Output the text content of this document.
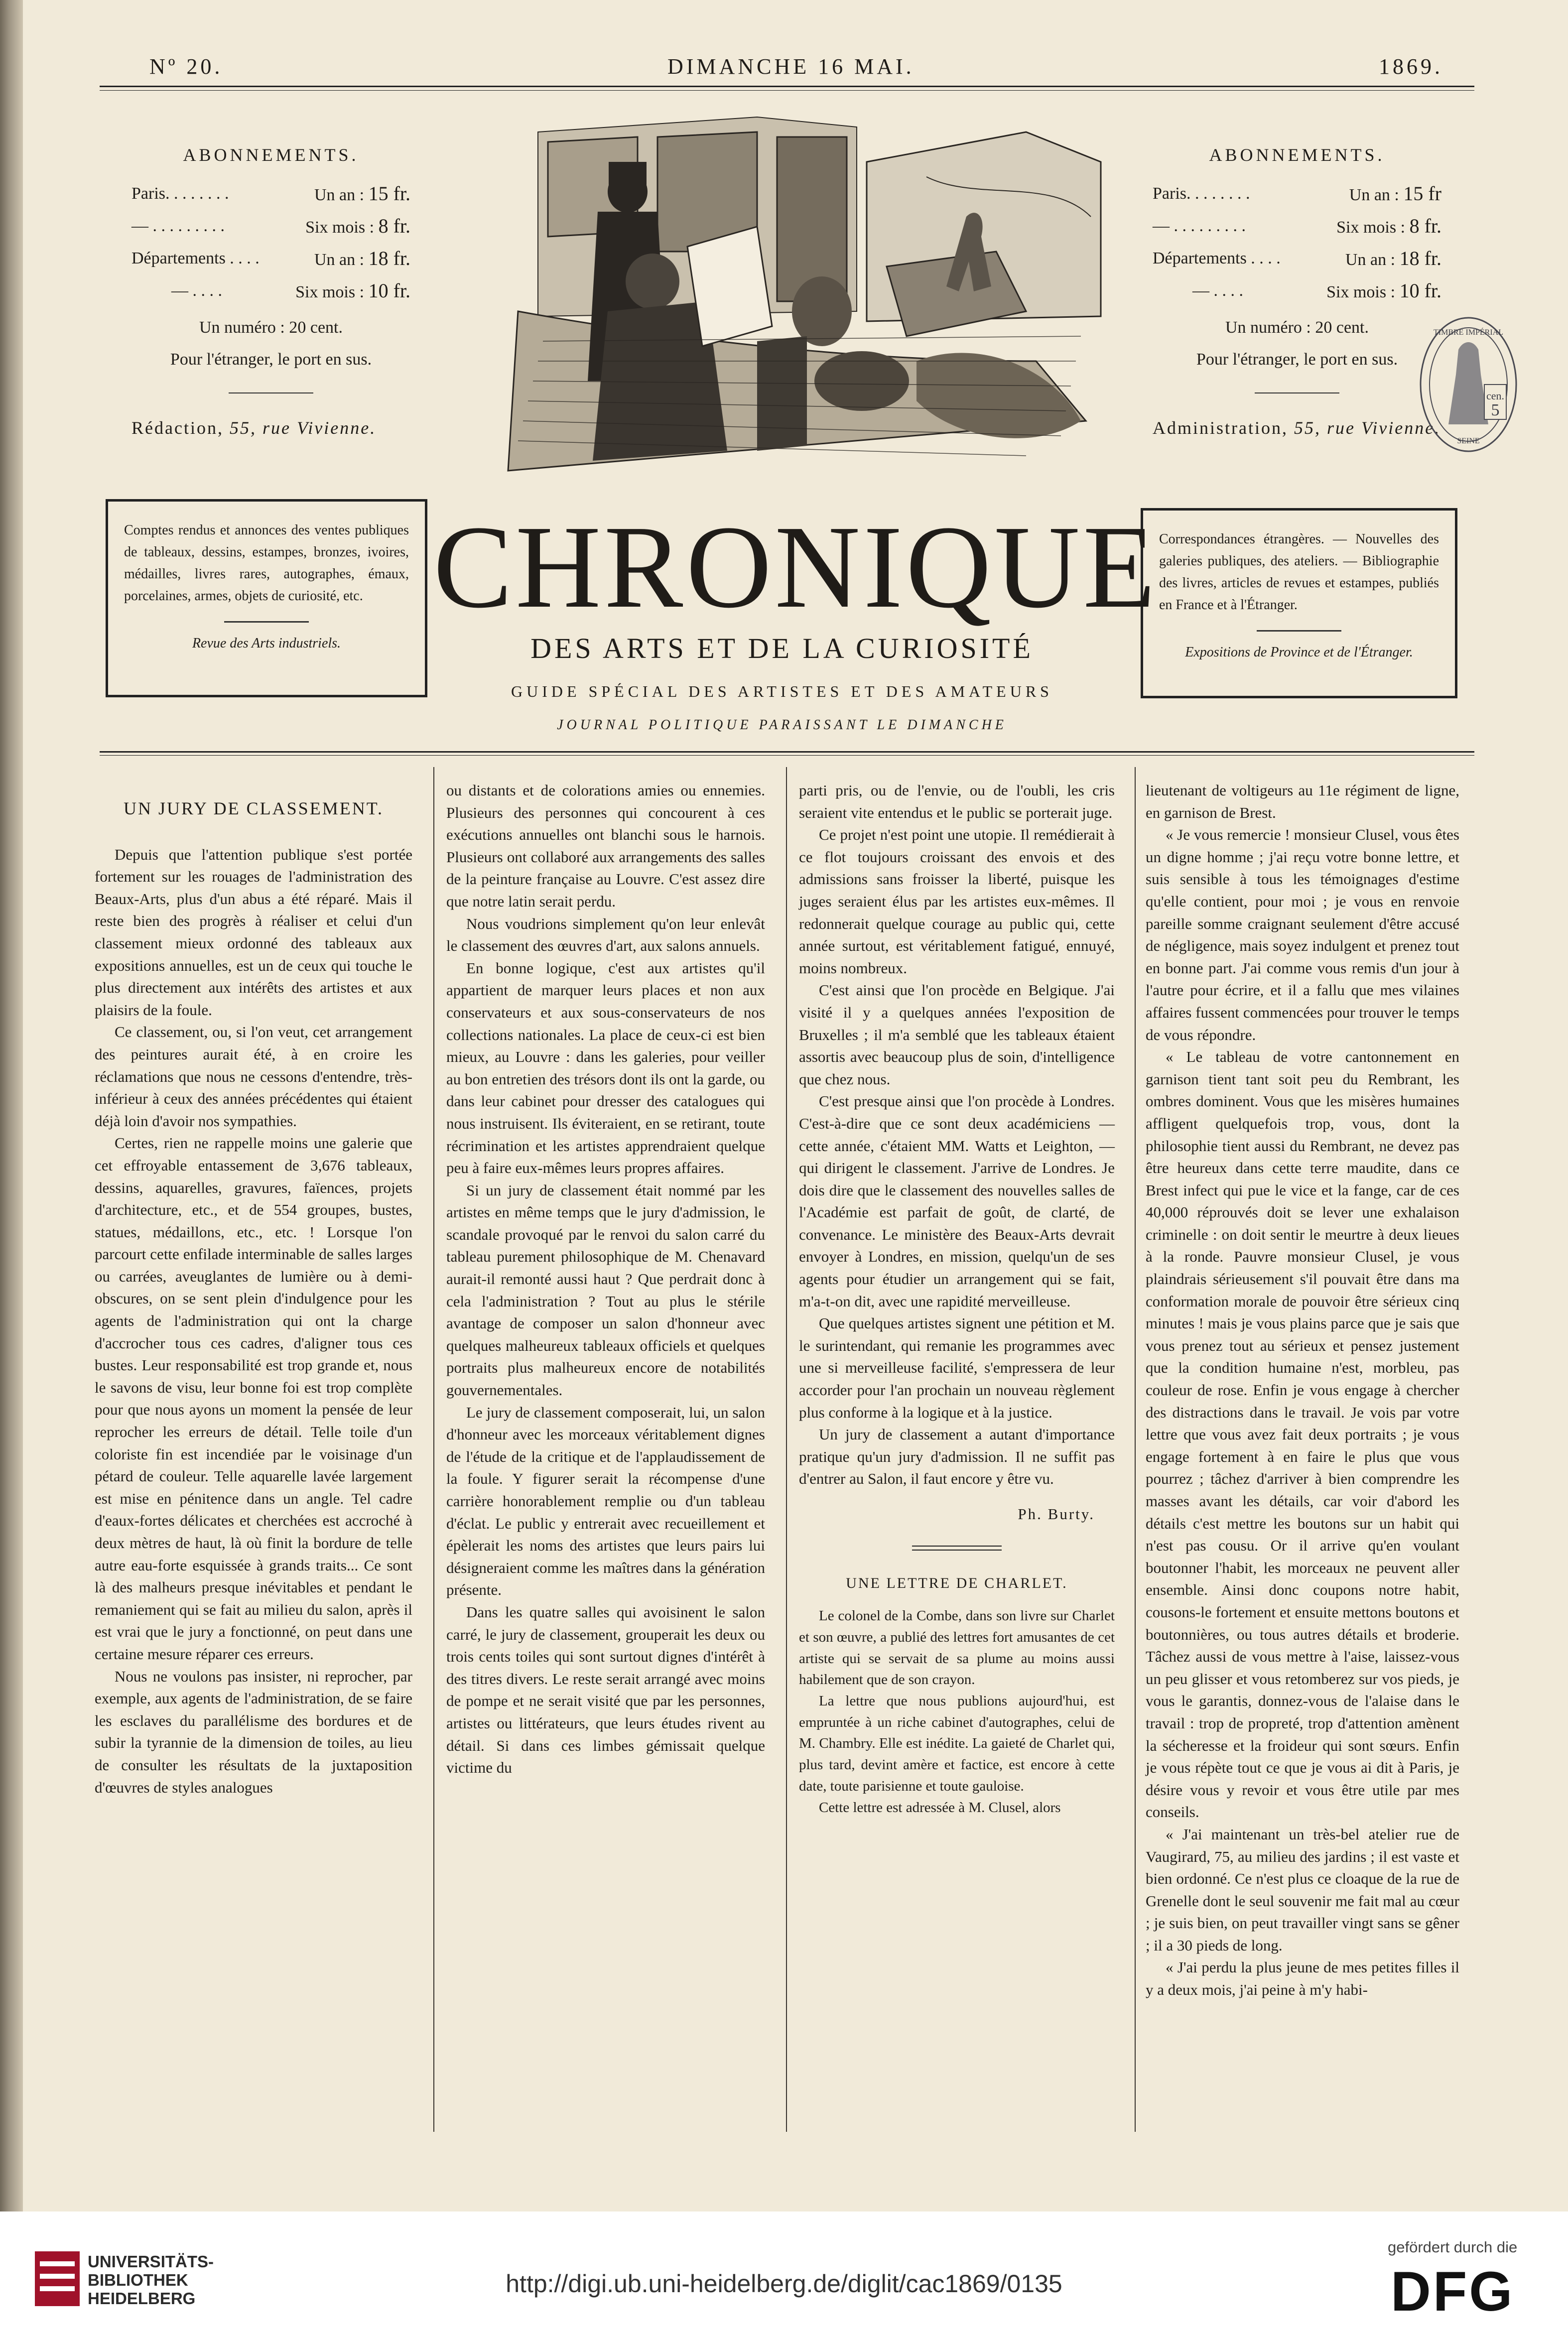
Nº 20.	DIMANCHE 16 MAI.	1869.
ABONNEMENTS.
Paris. . . . . . . .	Un an : 15 fr.
— . . . . . . . . .	Six mois : 8 fr.
Départements . . . .	Un an : 18 fr.
— . . . .	Six mois : 10 fr.
Un numéro : 20 cent.
Pour l'étranger, le port en sus.
Rédaction, 55, rue Vivienne.
ABONNEMENTS.
Paris. . . . . . . .	Un an : 15 fr
— . . . . . . . . .	Six mois : 8 fr.
Départements . . . .	Un an : 18 fr.
— . . . .	Six mois : 10 fr.
Un numéro : 20 cent.
Pour l'étranger, le port en sus.
Administration, 55, rue Vivienne.
Comptes rendus et annonces des ventes publiques de tableaux, dessins, estampes, bronzes, ivoires, médailles, livres rares, autographes, émaux, porcelaines, armes, objets de curiosité, etc.
Revue des Arts industriels.
Correspondances étrangères. — Nouvelles des galeries publiques, des ateliers. — Bibliographie des livres, articles de revues et estampes, publiés en France et à l'Étranger.
Expositions de Province et de l'Étranger.
CHRONIQUE
DES ARTS ET DE LA CURIOSITÉ
GUIDE SPÉCIAL DES ARTISTES ET DES AMATEURS
JOURNAL POLITIQUE PARAISSANT LE DIMANCHE
cen.
5
TIMBRE IMPÉRIAL
SEINE
UN JURY DE CLASSEMENT.

Depuis que l'attention publique s'est portée fortement sur les rouages de l'administration des Beaux-Arts, plus d'un abus a été réparé. Mais il reste bien des progrès à réaliser et celui d'un classement mieux ordonné des tableaux aux expositions annuelles, est un de ceux qui touche le plus directement aux intérêts des artistes et aux plaisirs de la foule.

Ce classement, ou, si l'on veut, cet arrangement des peintures aurait été, à en croire les réclamations que nous ne cessons d'entendre, très-inférieur à ceux des années précédentes qui étaient déjà loin d'avoir nos sympathies.

Certes, rien ne rappelle moins une galerie que cet effroyable entassement de 3,676 tableaux, dessins, aquarelles, gravures, faïences, projets d'architecture, etc., et de 554 groupes, bustes, statues, médaillons, etc., etc. ! Lorsque l'on parcourt cette enfilade interminable de salles larges ou carrées, aveuglantes de lumière ou à demi-obscures, on se sent plein d'indulgence pour les agents de l'administration qui ont la charge d'accrocher tous ces cadres, d'aligner tous ces bustes. Leur responsabilité est trop grande et, nous le savons de visu, leur bonne foi est trop complète pour que nous ayons un moment la pensée de leur reprocher les erreurs de détail. Telle toile d'un coloriste fin est incendiée par le voisinage d'un pétard de couleur. Telle aquarelle lavée largement est mise en pénitence dans un angle. Tel cadre d'eaux-fortes délicates et cherchées est accroché à deux mètres de haut, là où finit la bordure de telle autre eau-forte esquissée à grands traits... Ce sont là des malheurs presque inévitables et pendant le remaniement qui se fait au milieu du salon, après il est vrai que le jury a fonctionné, on peut dans une certaine mesure réparer ces erreurs.

Nous ne voulons pas insister, ni reprocher, par exemple, aux agents de l'administration, de se faire les esclaves du parallélisme des bordures et de subir la tyrannie de la dimension de toiles, au lieu de consulter les résultats de la juxtaposition d'œuvres de styles analogues

ou distants et de colorations amies ou ennemies. Plusieurs des personnes qui concourent à ces exécutions annuelles ont blanchi sous le harnois. Plusieurs ont collaboré aux arrangements des salles de la peinture française au Louvre. C'est assez dire que notre latin serait perdu.

Nous voudrions simplement qu'on leur enlevât le classement des œuvres d'art, aux salons annuels.

En bonne logique, c'est aux artistes qu'il appartient de marquer leurs places et non aux conservateurs et aux sous-conservateurs de nos collections nationales. La place de ceux-ci est bien mieux, au Louvre : dans les galeries, pour veiller au bon entretien des trésors dont ils ont la garde, ou dans leur cabinet pour dresser des catalogues qui nous instruisent. Ils éviteraient, en se retirant, toute récrimination et les artistes apprendraient quelque peu à faire eux-mêmes leurs propres affaires.

Si un jury de classement était nommé par les artistes en même temps que le jury d'admission, le scandale provoqué par le renvoi du salon carré du tableau purement philosophique de M. Chenavard aurait-il remonté aussi haut ? Que perdrait donc à cela l'administration ? Tout au plus le stérile avantage de composer un salon d'honneur avec quelques malheureux tableaux officiels et quelques portraits plus malheureux encore de notabilités gouvernementales.

Le jury de classement composerait, lui, un salon d'honneur avec les morceaux véritablement dignes de l'étude de la critique et de l'applaudissement de la foule. Y figurer serait la récompense d'une carrière honorablement remplie ou d'un tableau d'éclat. Le public y entrerait avec recueillement et épèlerait les noms des artistes que leurs pairs lui désigneraient comme les maîtres dans la génération présente.

Dans les quatre salles qui avoisinent le salon carré, le jury de classement, grouperait les deux ou trois cents toiles qui sont surtout dignes d'intérêt à des titres divers. Le reste serait arrangé avec moins de pompe et ne serait visité que par les personnes, artistes ou littérateurs, que leurs études rivent au détail. Si dans ces limbes gémissait quelque victime du

parti pris, ou de l'envie, ou de l'oubli, les cris seraient vite entendus et le public se porterait juge.

Ce projet n'est point une utopie. Il remédierait à ce flot toujours croissant des envois et des admissions sans froisser la liberté, puisque les juges seraient élus par les artistes eux-mêmes. Il redonnerait quelque courage au public qui, cette année surtout, est véritablement fatigué, ennuyé, moins nombreux.

C'est ainsi que l'on procède en Belgique. J'ai visité il y a quelques années l'exposition de Bruxelles ; il m'a semblé que les tableaux étaient assortis avec beaucoup plus de soin, d'intelligence que chez nous.

C'est presque ainsi que l'on procède à Londres. C'est-à-dire que ce sont deux académiciens — cette année, c'étaient MM. Watts et Leighton, — qui dirigent le classement. J'arrive de Londres. Je dois dire que le classement des nouvelles salles de l'Académie est parfait de goût, de clarté, de convenance. Le ministère des Beaux-Arts devrait envoyer à Londres, en mission, quelqu'un de ses agents pour étudier un arrangement qui se fait, m'a-t-on dit, avec une rapidité merveilleuse.

Que quelques artistes signent une pétition et M. le surintendant, qui remanie les programmes avec une si merveilleuse facilité, s'empressera de leur accorder pour l'an prochain un nouveau règlement plus conforme à la logique et à la justice.

Un jury de classement a autant d'importance pratique qu'un jury d'admission. Il ne suffit pas d'entrer au Salon, il faut encore y être vu.

Ph. Burty.
UNE LETTRE DE CHARLET.

Le colonel de la Combe, dans son livre sur Charlet et son œuvre, a publié des lettres fort amusantes de cet artiste qui se servait de sa plume au moins aussi habilement que de son crayon.

La lettre que nous publions aujourd'hui, est empruntée à un riche cabinet d'autographes, celui de M. Chambry. Elle est inédite. La gaieté de Charlet qui, plus tard, devint amère et factice, est encore à cette date, toute parisienne et toute gauloise.

Cette lettre est adressée à M. Clusel, alors

lieutenant de voltigeurs au 11e régiment de ligne, en garnison de Brest.

« Je vous remercie ! monsieur Clusel, vous êtes un digne homme ; j'ai reçu votre bonne lettre, et suis sensible à tous les témoignages d'estime qu'elle contient, pour moi ; je vous en renvoie pareille somme craignant seulement d'être accusé de négligence, mais soyez indulgent et prenez tout en bonne part. J'ai comme vous remis d'un jour à l'autre pour écrire, et il a fallu que mes vilaines affaires fussent commencées pour trouver le temps de vous répondre.

« Le tableau de votre cantonnement en garnison tient tant soit peu du Rembrant, les ombres dominent. Vous que les misères humaines affligent quelquefois trop, vous, dont la philosophie tient aussi du Rembrant, ne devez pas être heureux dans cette terre maudite, dans ce Brest infect qui pue le vice et la fange, car de ces 40,000 réprouvés doit se lever une exhalaison criminelle : on doit sentir le meurtre à deux lieues à la ronde. Pauvre monsieur Clusel, je vous plaindrais sérieusement s'il pouvait être dans ma conformation morale de pouvoir être sérieux cinq minutes ! mais je vous plains parce que je sais que vous prenez tout au sérieux et pensez justement que la condition humaine n'est, morbleu, pas couleur de rose. Enfin je vous engage à chercher des distractions dans le travail. Je vois par votre lettre que vous avez fait deux portraits ; je vous engage fortement à en faire le plus que vous pourrez ; tâchez d'arriver à bien comprendre les masses avant les détails, car voir d'abord les détails c'est mettre les boutons sur un habit qui n'est pas cousu. Or il arrive qu'en voulant boutonner l'habit, les morceaux ne peuvent aller ensemble. Ainsi donc coupons notre habit, cousons-le fortement et ensuite mettons boutons et boutonnières, ou tous autres détails et broderie. Tâchez aussi de vous mettre à l'aise, laissez-vous un peu glisser et vous retomberez sur vos pieds, je vous le garantis, donnez-vous de l'alaise dans le travail : trop de propreté, trop d'attention amènent la sécheresse et la froideur qui sont sœurs. Enfin je vous répète tout ce que je vous ai dit à Paris, je désire vous y revoir et vous être utile par mes conseils.

« J'ai maintenant un très-bel atelier rue de Vaugirard, 75, au milieu des jardins ; il est vaste et bien ordonné. Ce n'est plus ce cloaque de la rue de Grenelle dont le seul souvenir me fait mal au cœur ; je suis bien, on peut travailler vingt sans se gêner ; il a 30 pieds de long.

« J'ai perdu la plus jeune de mes petites filles il y a deux mois, j'ai peine à m'y habi-

UNIVERSITÄTS-
BIBLIOTHEK
HEIDELBERG
http://digi.ub.uni-heidelberg.de/diglit/cac1869/0135
gefördert durch die
DFG
